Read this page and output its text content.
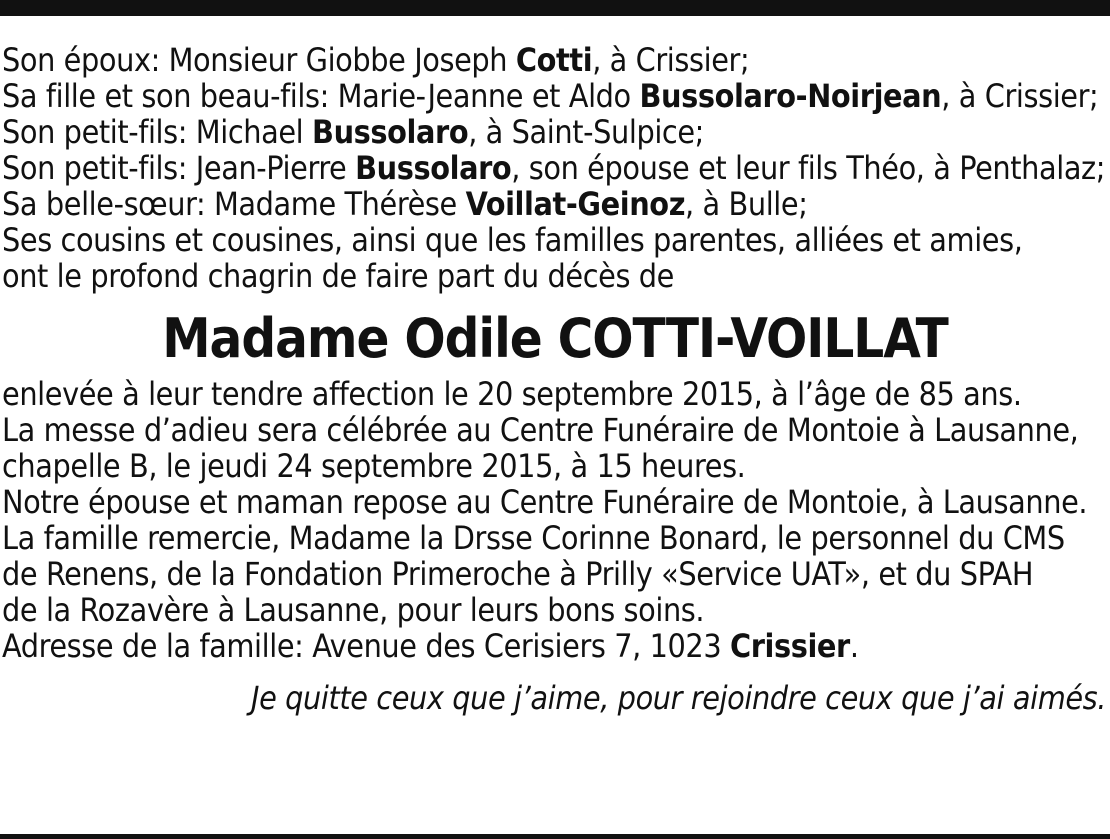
Son époux: Monsieur Giobbe Joseph Cotti, à Crissier;
Sa fille et son beau-fils: Marie-Jeanne et Aldo Bussolaro-Noirjean, à Crissier;
Son petit-fils: Michael Bussolaro, à Saint-Sulpice;
Son petit-fils: Jean-Pierre Bussolaro, son épouse et leur fils Théo, à Penthalaz;
Sa belle-sœur: Madame Thérèse Voillat-Geinoz, à Bulle;
Ses cousins et cousines, ainsi que les familles parentes, alliées et amies,
ont le profond chagrin de faire part du décès de
Madame Odile COTTI-VOILLAT
enlevée à leur tendre affection le 20 septembre 2015, à l’âge de 85 ans.
La messe d’adieu sera célébrée au Centre Funéraire de Montoie à Lausanne,
chapelle B, le jeudi 24 septembre 2015, à 15 heures.
Notre épouse et maman repose au Centre Funéraire de Montoie, à Lausanne.
La famille remercie, Madame la Drsse Corinne Bonard, le personnel du CMS
de Renens, de la Fondation Primeroche à Prilly «Service UAT», et du SPAH
de la Rozavère à Lausanne, pour leurs bons soins.
Adresse de la famille: Avenue des Cerisiers 7, 1023 Crissier.
Je quitte ceux que j’aime, pour rejoindre ceux que j’ai aimés.
